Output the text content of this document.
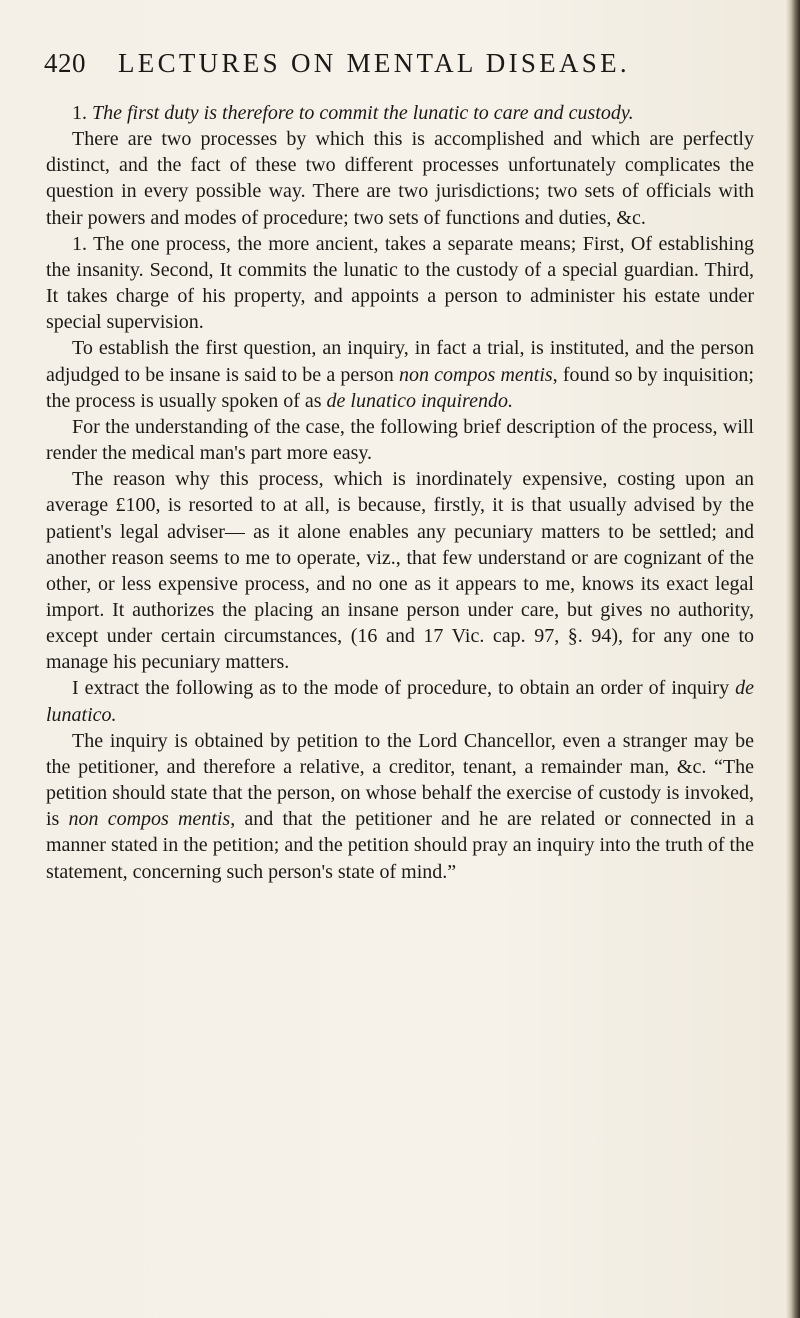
420	LECTURES ON MENTAL DISEASE.

1. The first duty is therefore to commit the lunatic to care and custody.

There are two processes by which this is accomplished and which are perfectly distinct, and the fact of these two different processes unfortunately complicates the question in every possible way. There are two jurisdictions; two sets of officials with their powers and modes of procedure; two sets of functions and duties, &c.

1. The one process, the more ancient, takes a separate means; First, Of establishing the insanity. Second, It commits the lunatic to the custody of a special guardian. Third, It takes charge of his property, and appoints a person to administer his estate under special supervision.

To establish the first question, an inquiry, in fact a trial, is instituted, and the person adjudged to be insane is said to be a person non compos mentis, found so by inquisition; the process is usually spoken of as de lunatico inquirendo.

For the understanding of the case, the following brief description of the process, will render the medical man's part more easy.

The reason why this process, which is inordinately expensive, costing upon an average £100, is resorted to at all, is because, firstly, it is that usually advised by the patient's legal adviser— as it alone enables any pecuniary matters to be settled; and another reason seems to me to operate, viz., that few understand or are cognizant of the other, or less expensive process, and no one as it appears to me, knows its exact legal import. It authorizes the placing an insane person under care, but gives no authority, except under certain circumstances, (16 and 17 Vic. cap. 97, §. 94), for any one to manage his pecuniary matters.

I extract the following as to the mode of procedure, to obtain an order of inquiry de lunatico.

The inquiry is obtained by petition to the Lord Chancellor, even a stranger may be the petitioner, and therefore a relative, a creditor, tenant, a remainder man, &c. “The petition should state that the person, on whose behalf the exercise of custody is invoked, is non compos mentis, and that the petitioner and he are related or connected in a manner stated in the petition; and the petition should pray an inquiry into the truth of the statement, concerning such person's state of mind.”
